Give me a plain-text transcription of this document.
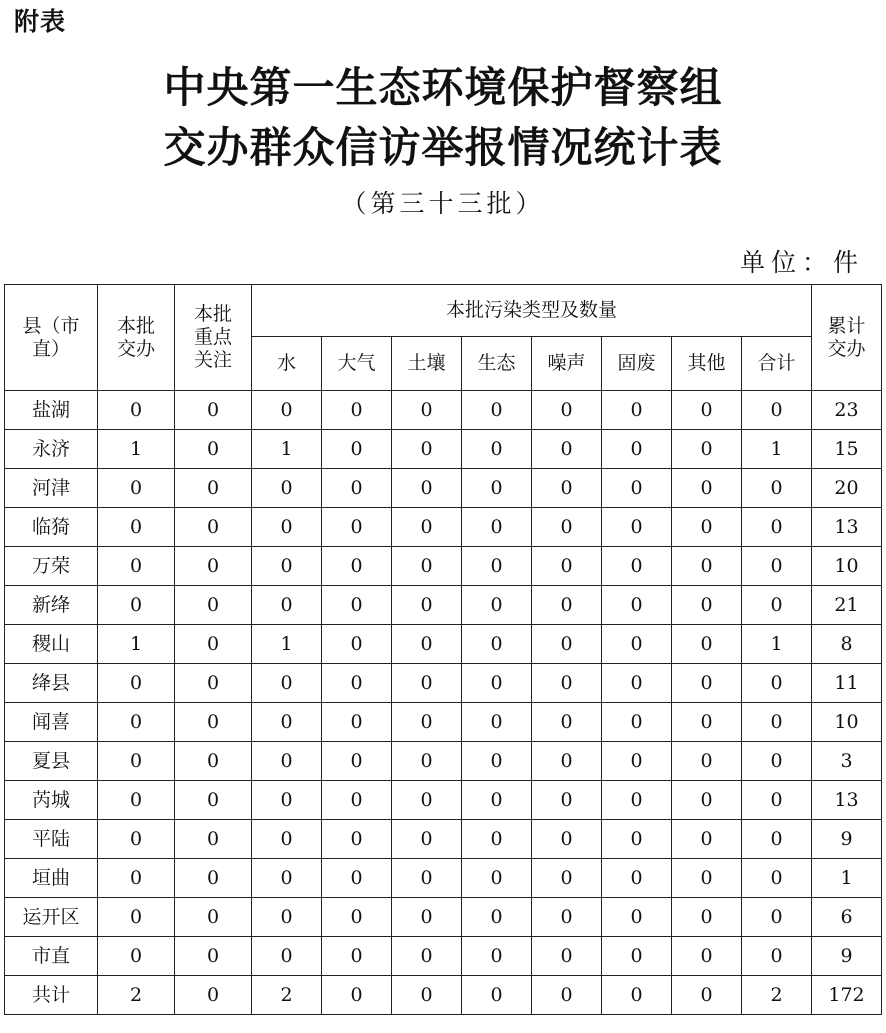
附表
中央第一生态环境保护督察组
交办群众信访举报情况统计表
（第三十三批）
单位：件
县（市直）	本批交办	本批重点关注	本批污染类型及数量								累计交办

			水	大气	土壤	生态	噪声	固废	其他	合计	
盐湖	0	0	0	0	0	0	0	0	0	0	23
永济	1	0	1	0	0	0	0	0	0	1	15
河津	0	0	0	0	0	0	0	0	0	0	20
临猗	0	0	0	0	0	0	0	0	0	0	13
万荣	0	0	0	0	0	0	0	0	0	0	10
新绛	0	0	0	0	0	0	0	0	0	0	21
稷山	1	0	1	0	0	0	0	0	0	1	8
绛县	0	0	0	0	0	0	0	0	0	0	11
闻喜	0	0	0	0	0	0	0	0	0	0	10
夏县	0	0	0	0	0	0	0	0	0	0	3
芮城	0	0	0	0	0	0	0	0	0	0	13
平陆	0	0	0	0	0	0	0	0	0	0	9
垣曲	0	0	0	0	0	0	0	0	0	0	1
运开区	0	0	0	0	0	0	0	0	0	0	6
市直	0	0	0	0	0	0	0	0	0	0	9
共计	2	0	2	0	0	0	0	0	0	2	172
